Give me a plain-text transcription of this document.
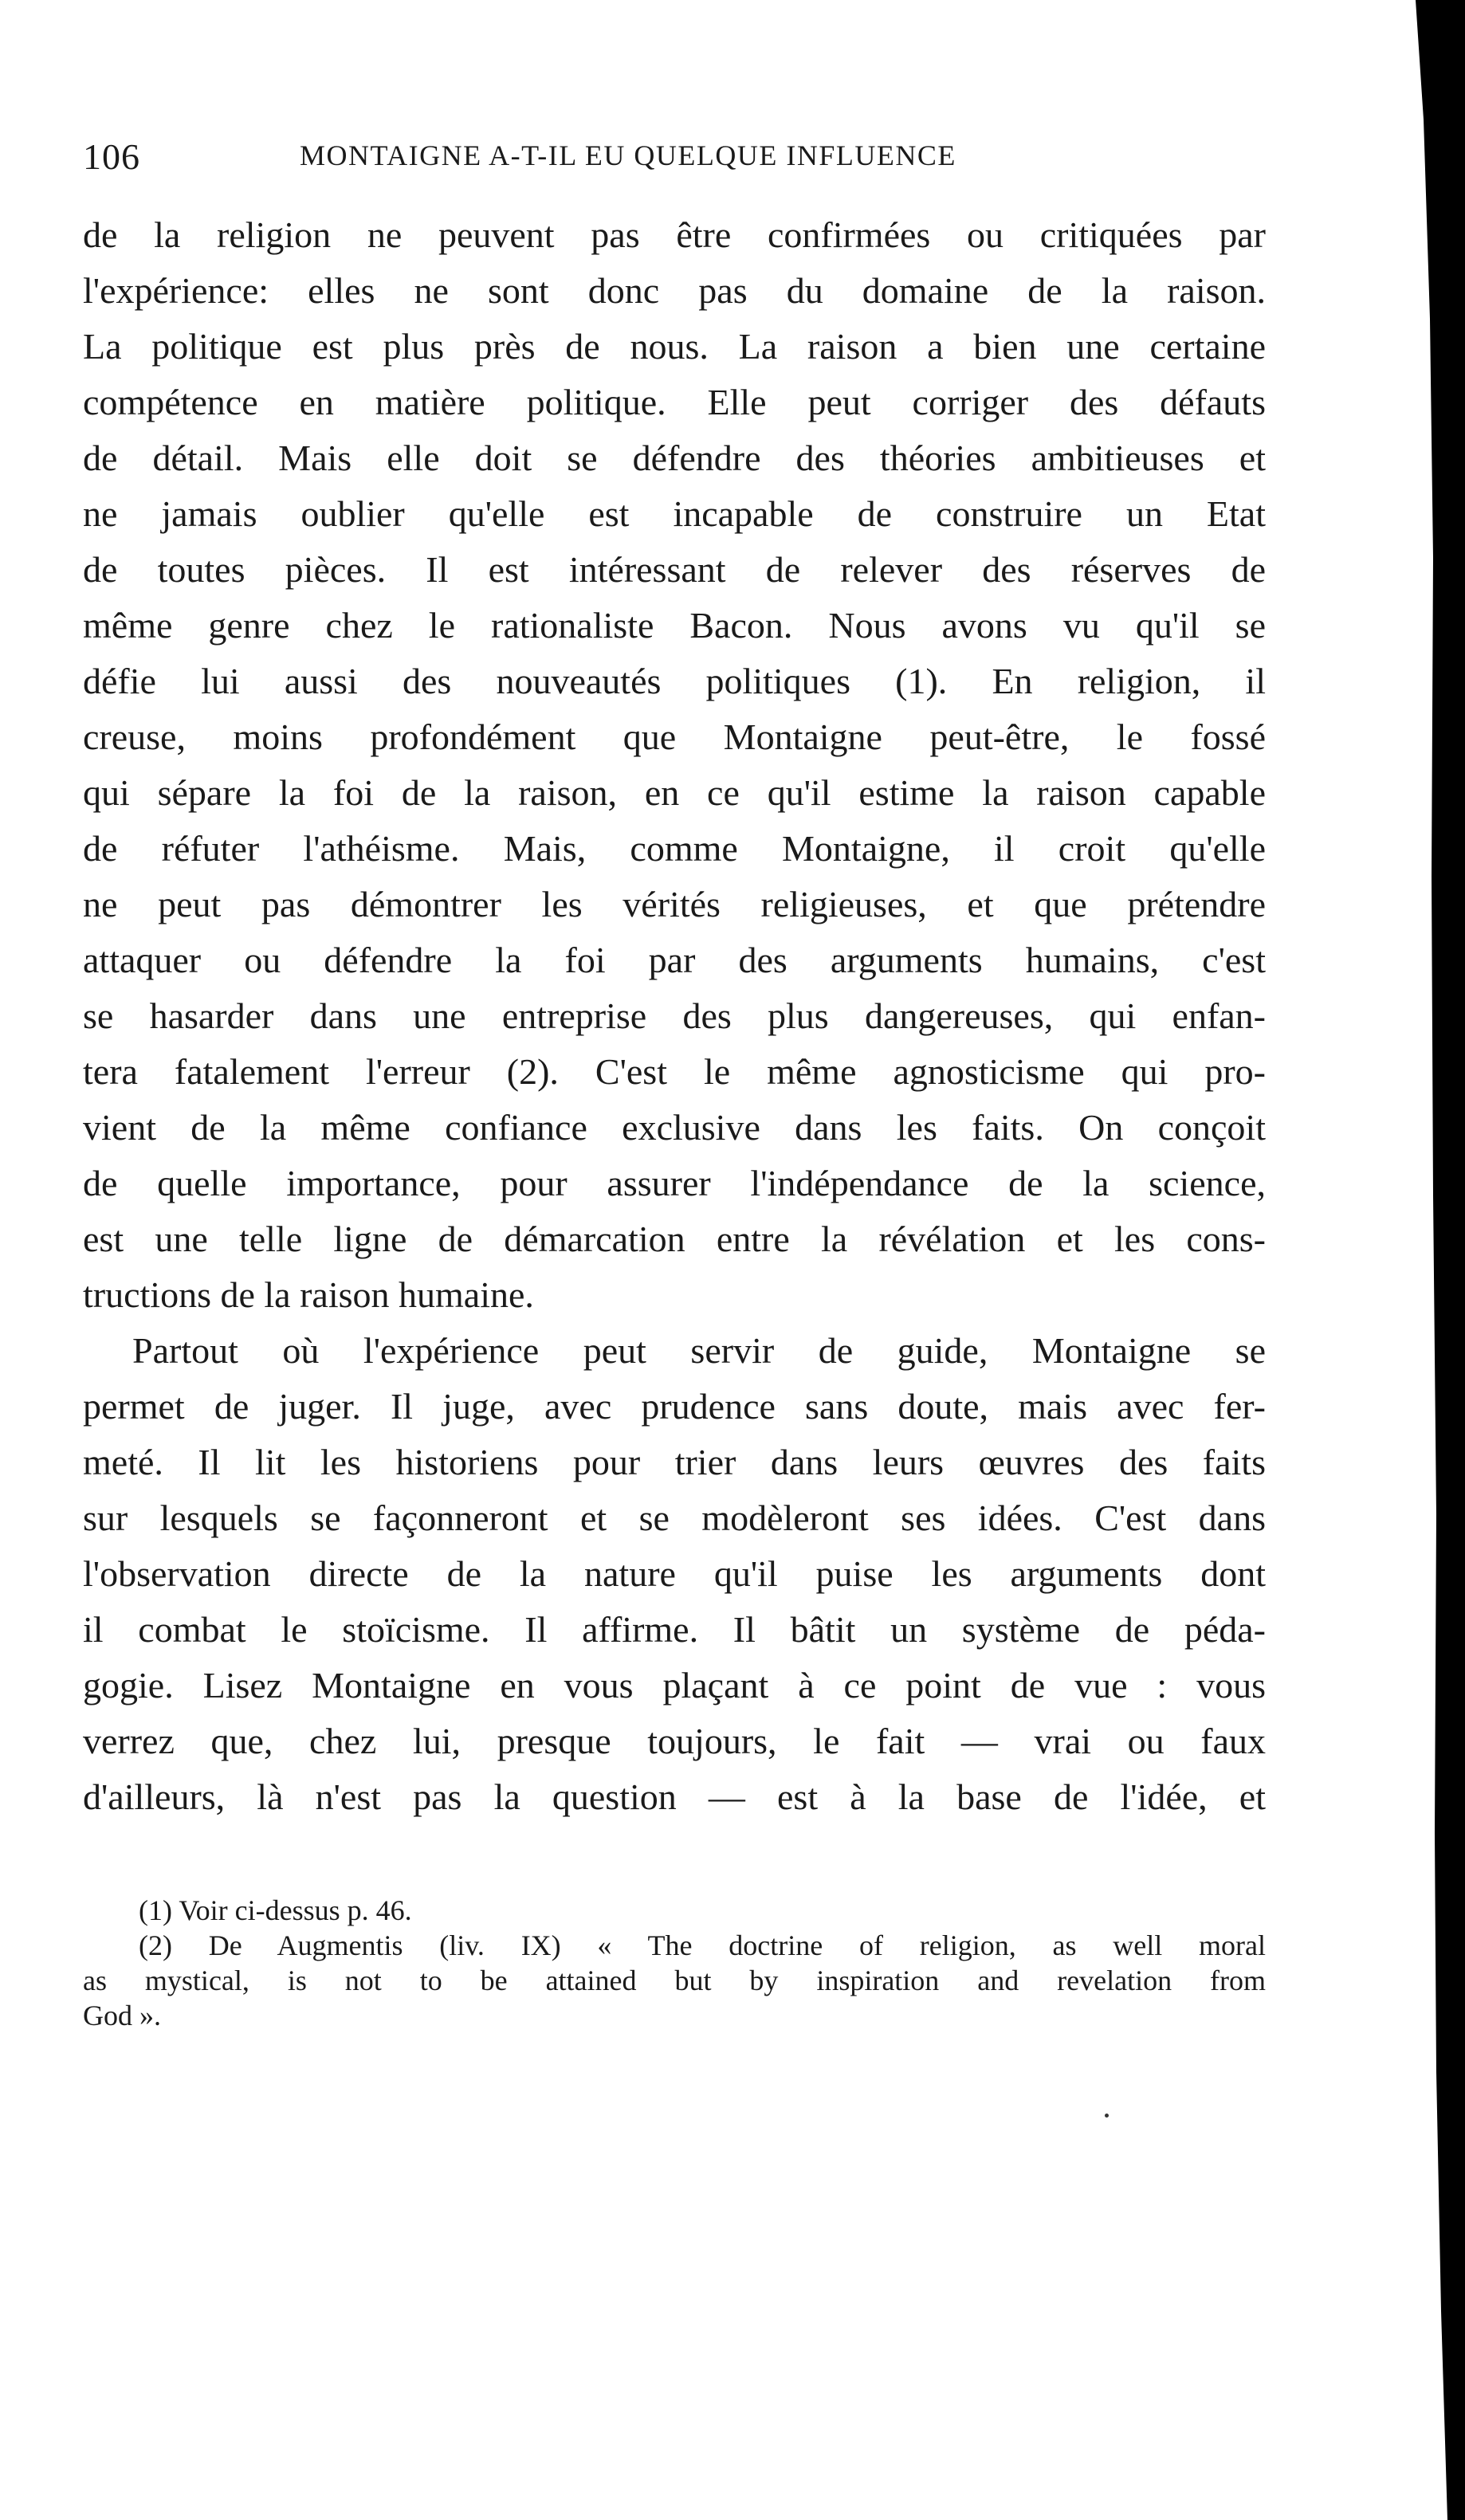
106	MONTAIGNE A-T-IL EU QUELQUE INFLUENCE
de la religion ne peuvent pas être confirmées ou critiquées par
l'expérience: elles ne sont donc pas du domaine de la raison.
La politique est plus près de nous. La raison a bien une certaine
compétence en matière politique. Elle peut corriger des défauts
de détail. Mais elle doit se défendre des théories ambitieuses et
ne jamais oublier qu'elle est incapable de construire un Etat
de toutes pièces. Il est intéressant de relever des réserves de
même genre chez le rationaliste Bacon. Nous avons vu qu'il se
défie lui aussi des nouveautés politiques (1). En religion, il
creuse, moins profondément que Montaigne peut-être, le fossé
qui sépare la foi de la raison, en ce qu'il estime la raison capable
de réfuter l'athéisme. Mais, comme Montaigne, il croit qu'elle
ne peut pas démontrer les vérités religieuses, et que prétendre
attaquer ou défendre la foi par des arguments humains, c'est
se hasarder dans une entreprise des plus dangereuses, qui enfan-
tera fatalement l'erreur (2). C'est le même agnosticisme qui pro-
vient de la même confiance exclusive dans les faits. On conçoit
de quelle importance, pour assurer l'indépendance de la science,
est une telle ligne de démarcation entre la révélation et les cons-
tructions de la raison humaine.
Partout où l'expérience peut servir de guide, Montaigne se
permet de juger. Il juge, avec prudence sans doute, mais avec fer-
meté. Il lit les historiens pour trier dans leurs œuvres des faits
sur lesquels se façonneront et se modèleront ses idées. C'est dans
l'observation directe de la nature qu'il puise les arguments dont
il combat le stoïcisme. Il affirme. Il bâtit un système de péda-
gogie. Lisez Montaigne en vous plaçant à ce point de vue : vous
verrez que, chez lui, presque toujours, le fait — vrai ou faux
d'ailleurs, là n'est pas la question — est à la base de l'idée, et
(1) Voir ci-dessus p. 46.
(2) De Augmentis (liv. IX) « The doctrine of religion, as well moral
as mystical, is not to be attained but by inspiration and revelation from
God ».
